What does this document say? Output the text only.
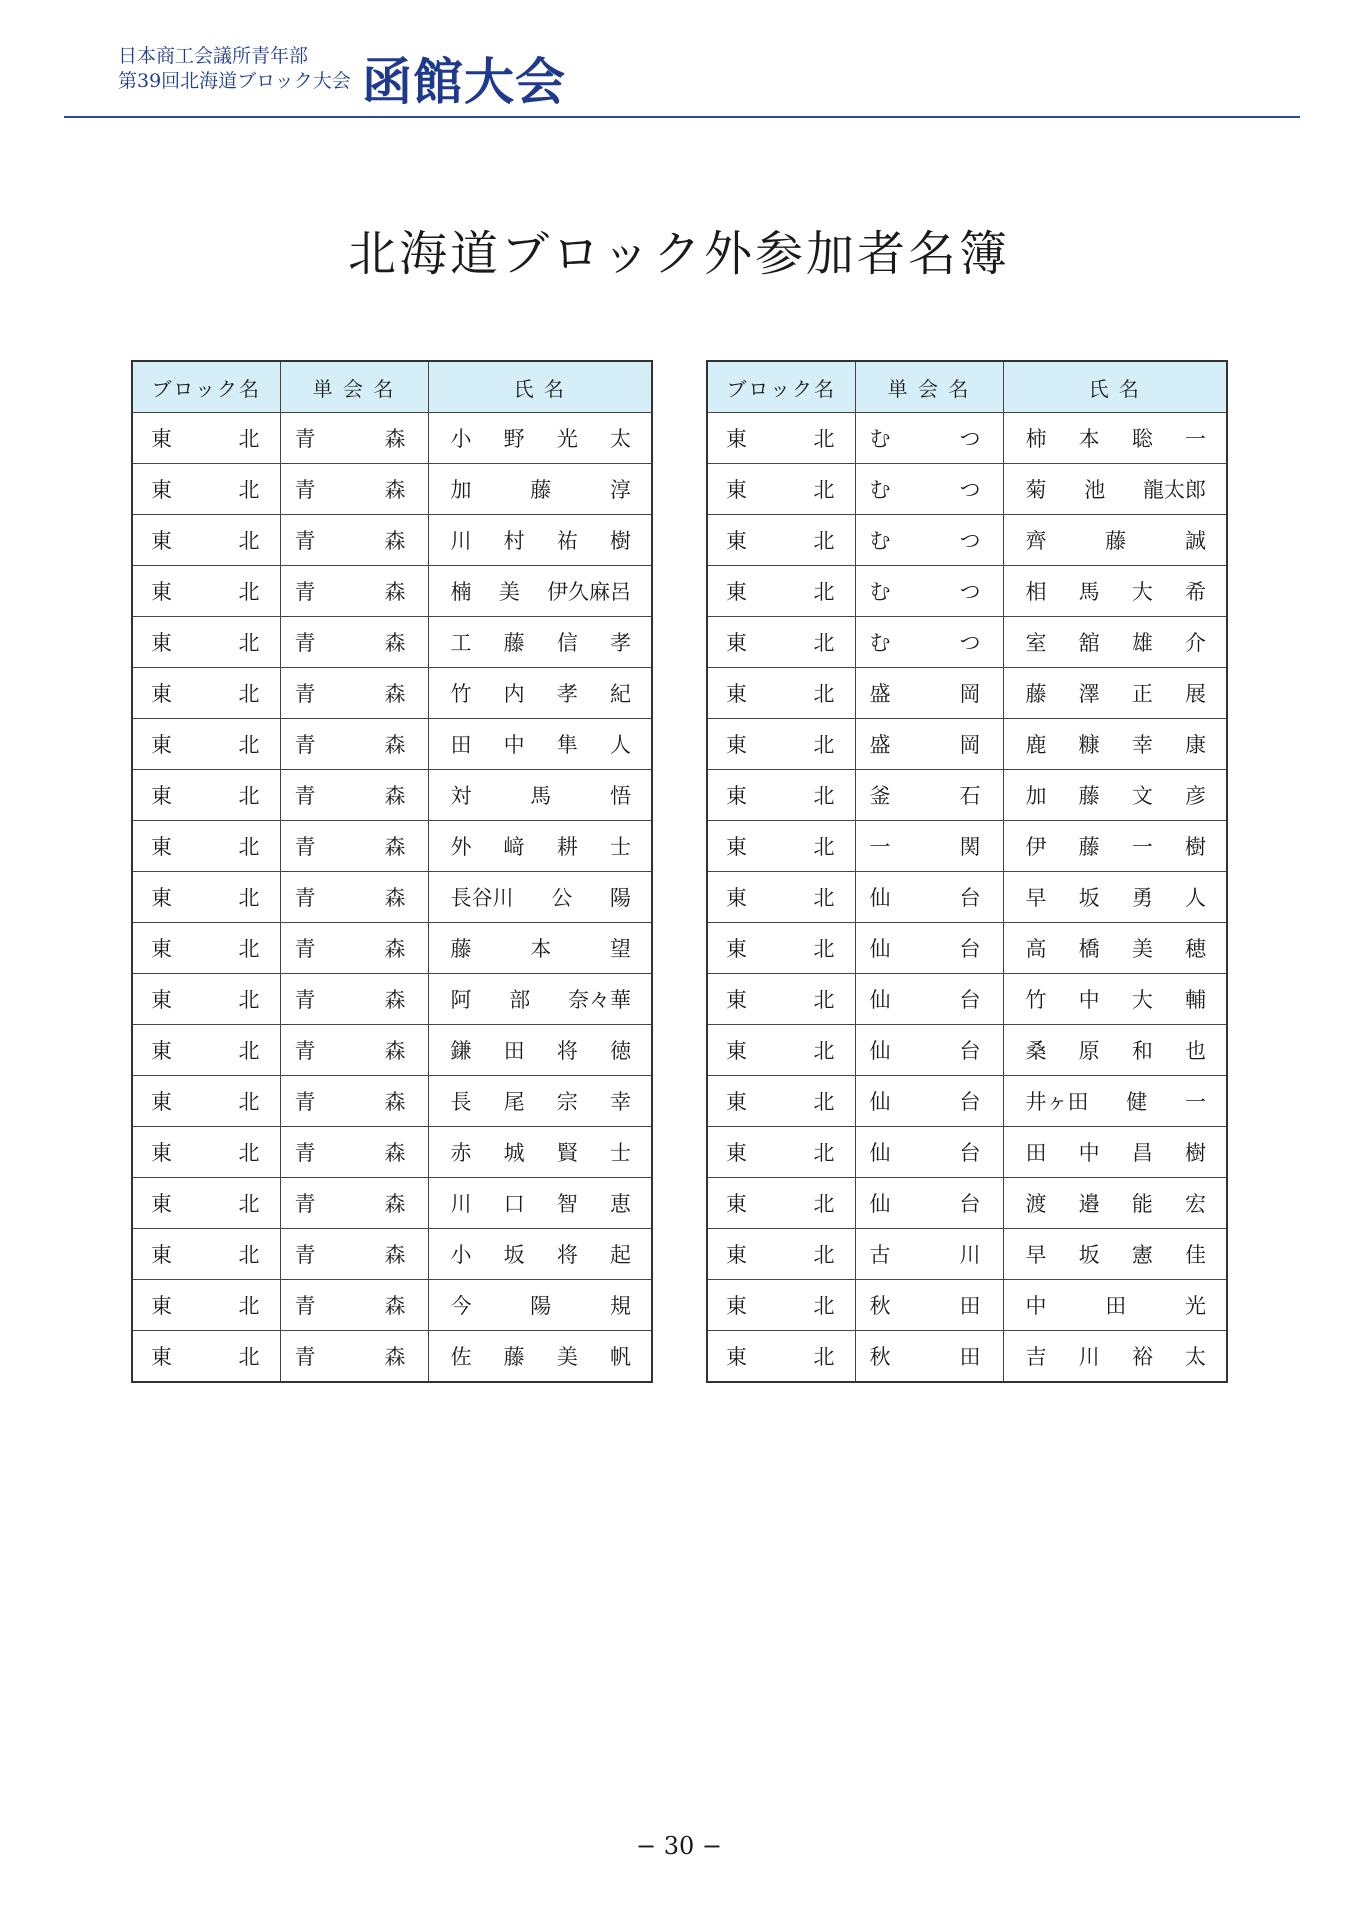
日本商工会議所青年部
第39回北海道ブロック大会 函館大会
北海道ブロック外参加者名簿
ブロック名	単 会 名	氏 名

東 北	青 森	小 野 光 太

東 北	青 森	加 藤 淳

東 北	青 森	川 村 祐 樹

東 北	青 森	楠 美 伊久麻呂

東 北	青 森	工 藤 信 孝

東 北	青 森	竹 内 孝 紀

東 北	青 森	田 中 隼 人

東 北	青 森	対 馬 悟

東 北	青 森	外 﨑 耕 士

東 北	青 森	長谷川 公 陽

東 北	青 森	藤 本 望

東 北	青 森	阿 部 奈々華

東 北	青 森	鎌 田 将 徳

東 北	青 森	長 尾 宗 幸

東 北	青 森	赤 城 賢 士

東 北	青 森	川 口 智 恵

東 北	青 森	小 坂 将 起

東 北	青 森	今 陽 規

東 北	青 森	佐 藤 美 帆
ブロック名	単 会 名	氏 名

東 北	む つ	柿 本 聡 一

東 北	む つ	菊 池 龍太郎

東 北	む つ	齊 藤 誠

東 北	む つ	相 馬 大 希

東 北	む つ	室 舘 雄 介

東 北	盛 岡	藤 澤 正 展

東 北	盛 岡	鹿 糠 幸 康

東 北	釜 石	加 藤 文 彦

東 北	一 関	伊 藤 一 樹

東 北	仙 台	早 坂 勇 人

東 北	仙 台	高 橋 美 穂

東 北	仙 台	竹 中 大 輔

東 北	仙 台	桑 原 和 也

東 北	仙 台	井ヶ田 健 一

東 北	仙 台	田 中 昌 樹

東 北	仙 台	渡 邉 能 宏

東 北	古 川	早 坂 憲 佳

東 北	秋 田	中 田 光

東 北	秋 田	吉 川 裕 太
− 30 −
